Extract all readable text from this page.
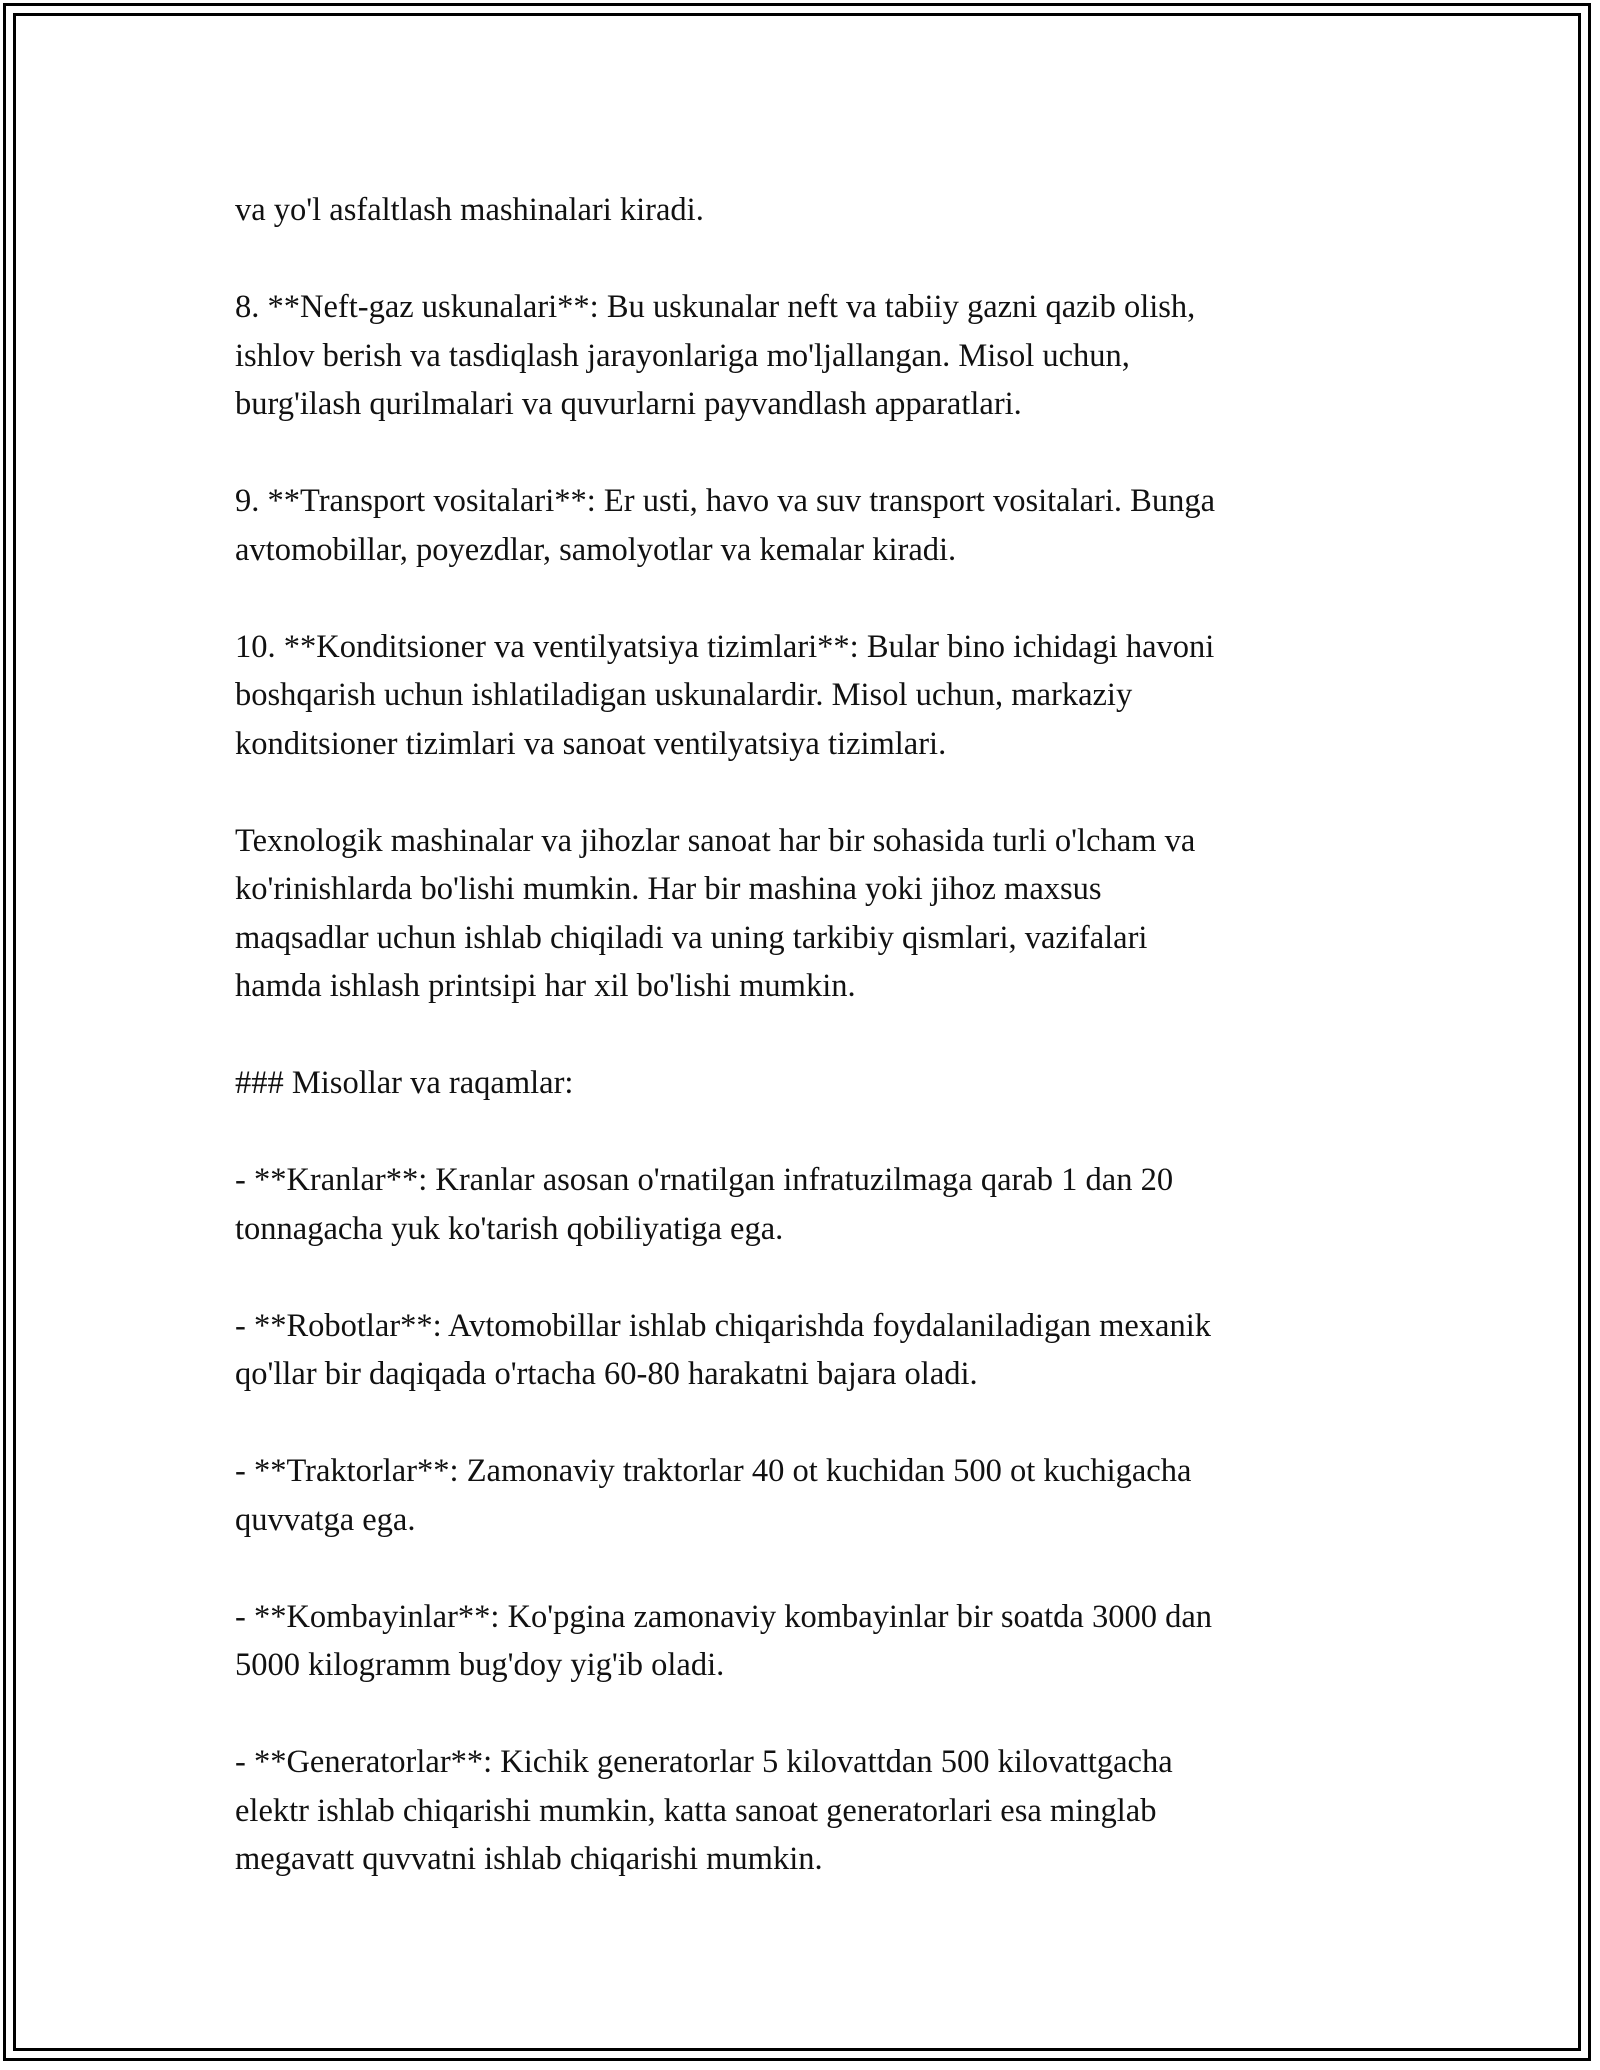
va yo'l asfaltlash mashinalari kiradi.

8. **Neft-gaz uskunalari**: Bu uskunalar neft va tabiiy gazni qazib olish,
ishlov berish va tasdiqlash jarayonlariga mo'ljallangan. Misol uchun,
burg'ilash qurilmalari va quvurlarni payvandlash apparatlari.

9. **Transport vositalari**: Er usti, havo va suv transport vositalari. Bunga
avtomobillar, poyezdlar, samolyotlar va kemalar kiradi.

10. **Konditsioner va ventilyatsiya tizimlari**: Bular bino ichidagi havoni
boshqarish uchun ishlatiladigan uskunalardir. Misol uchun, markaziy
konditsioner tizimlari va sanoat ventilyatsiya tizimlari.

Texnologik mashinalar va jihozlar sanoat har bir sohasida turli o'lcham va
ko'rinishlarda bo'lishi mumkin. Har bir mashina yoki jihoz maxsus
maqsadlar uchun ishlab chiqiladi va uning tarkibiy qismlari, vazifalari
hamda ishlash printsipi har xil bo'lishi mumkin.

### Misollar va raqamlar:

- **Kranlar**: Kranlar asosan o'rnatilgan infratuzilmaga qarab 1 dan 20
tonnagacha yuk ko'tarish qobiliyatiga ega.

- **Robotlar**: Avtomobillar ishlab chiqarishda foydalaniladigan mexanik
qo'llar bir daqiqada o'rtacha 60-80 harakatni bajara oladi.

- **Traktorlar**: Zamonaviy traktorlar 40 ot kuchidan 500 ot kuchigacha
quvvatga ega.

- **Kombayinlar**: Ko'pgina zamonaviy kombayinlar bir soatda 3000 dan
5000 kilogramm bug'doy yig'ib oladi.

- **Generatorlar**: Kichik generatorlar 5 kilovattdan 500 kilovattgacha
elektr ishlab chiqarishi mumkin, katta sanoat generatorlari esa minglab
megavatt quvvatni ishlab chiqarishi mumkin.
